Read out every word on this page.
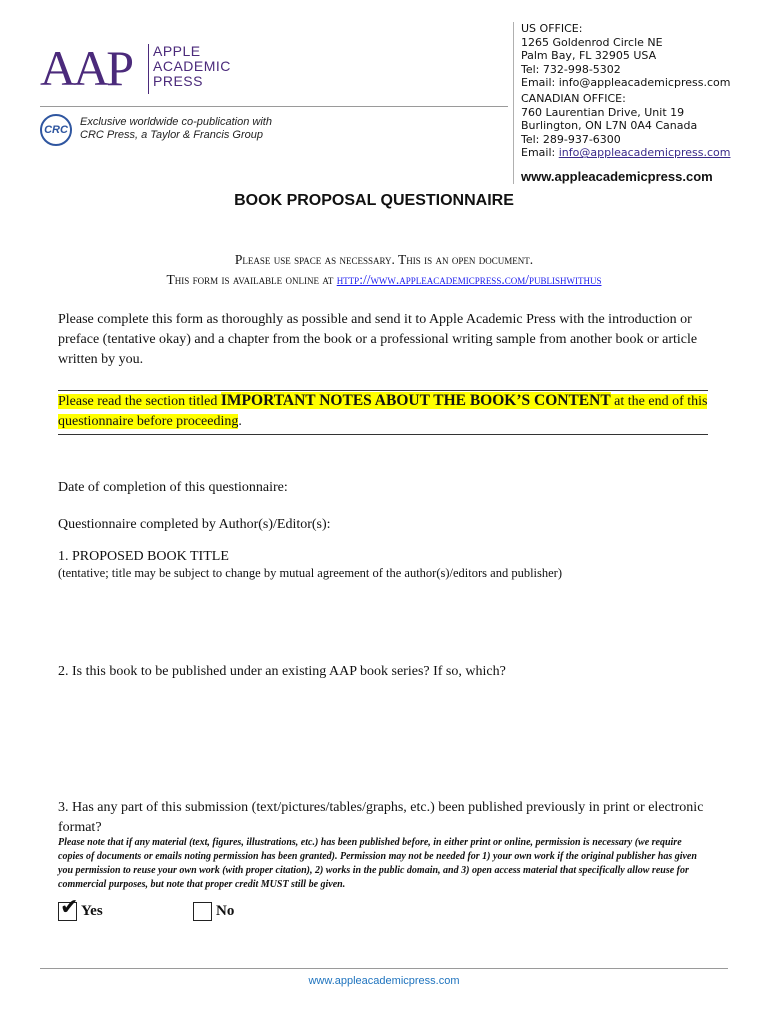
AAP APPLE
ACADEMIC
PRESS
CRC
Exclusive worldwide co-publication with
CRC Press, a Taylor & Francis Group
US OFFICE:
1265 Goldenrod Circle NE
Palm Bay, FL 32905 USA
Tel: 732-998-5302
Email: info@appleacademicpress.com
CANADIAN OFFICE:
760 Laurentian Drive, Unit 19
Burlington, ON L7N 0A4 Canada
Tel: 289-937-6300
Email: info@appleacademicpress.com
www.appleacademicpress.com
BOOK PROPOSAL QUESTIONNAIRE
Please use space as necessary. This is an open document.
This form is available online at http://www.appleacademicpress.com/publishwithus
Please complete this form as thoroughly as possible and send it to Apple Academic Press with the introduction or preface (tentative okay) and a chapter from the book or a professional writing sample from another book or article written by you.
Please read the section titled IMPORTANT NOTES ABOUT THE BOOK’S CONTENT at the end of this questionnaire before proceeding.
Date of completion of this questionnaire:
Questionnaire completed by Author(s)/Editor(s):
1. PROPOSED BOOK TITLE
(tentative; title may be subject to change by mutual agreement of the author(s)/editors and publisher)
2. Is this book to be published under an existing AAP book series? If so, which?
3. Has any part of this submission (text/pictures/tables/graphs, etc.) been published previously in print or electronic format?
Please note that if any material (text, figures, illustrations, etc.) has been published before, in either print or online, permission is necessary (we require copies of documents or emails noting permission has been granted). Permission may not be needed for 1) your own work if the original publisher has given you permission to reuse your own work (with proper citation), 2) works in the public domain, and 3) open access material that specifically allow reuse for commercial purposes, but note that proper credit MUST still be given.
✔ Yes	No
www.appleacademicpress.com
